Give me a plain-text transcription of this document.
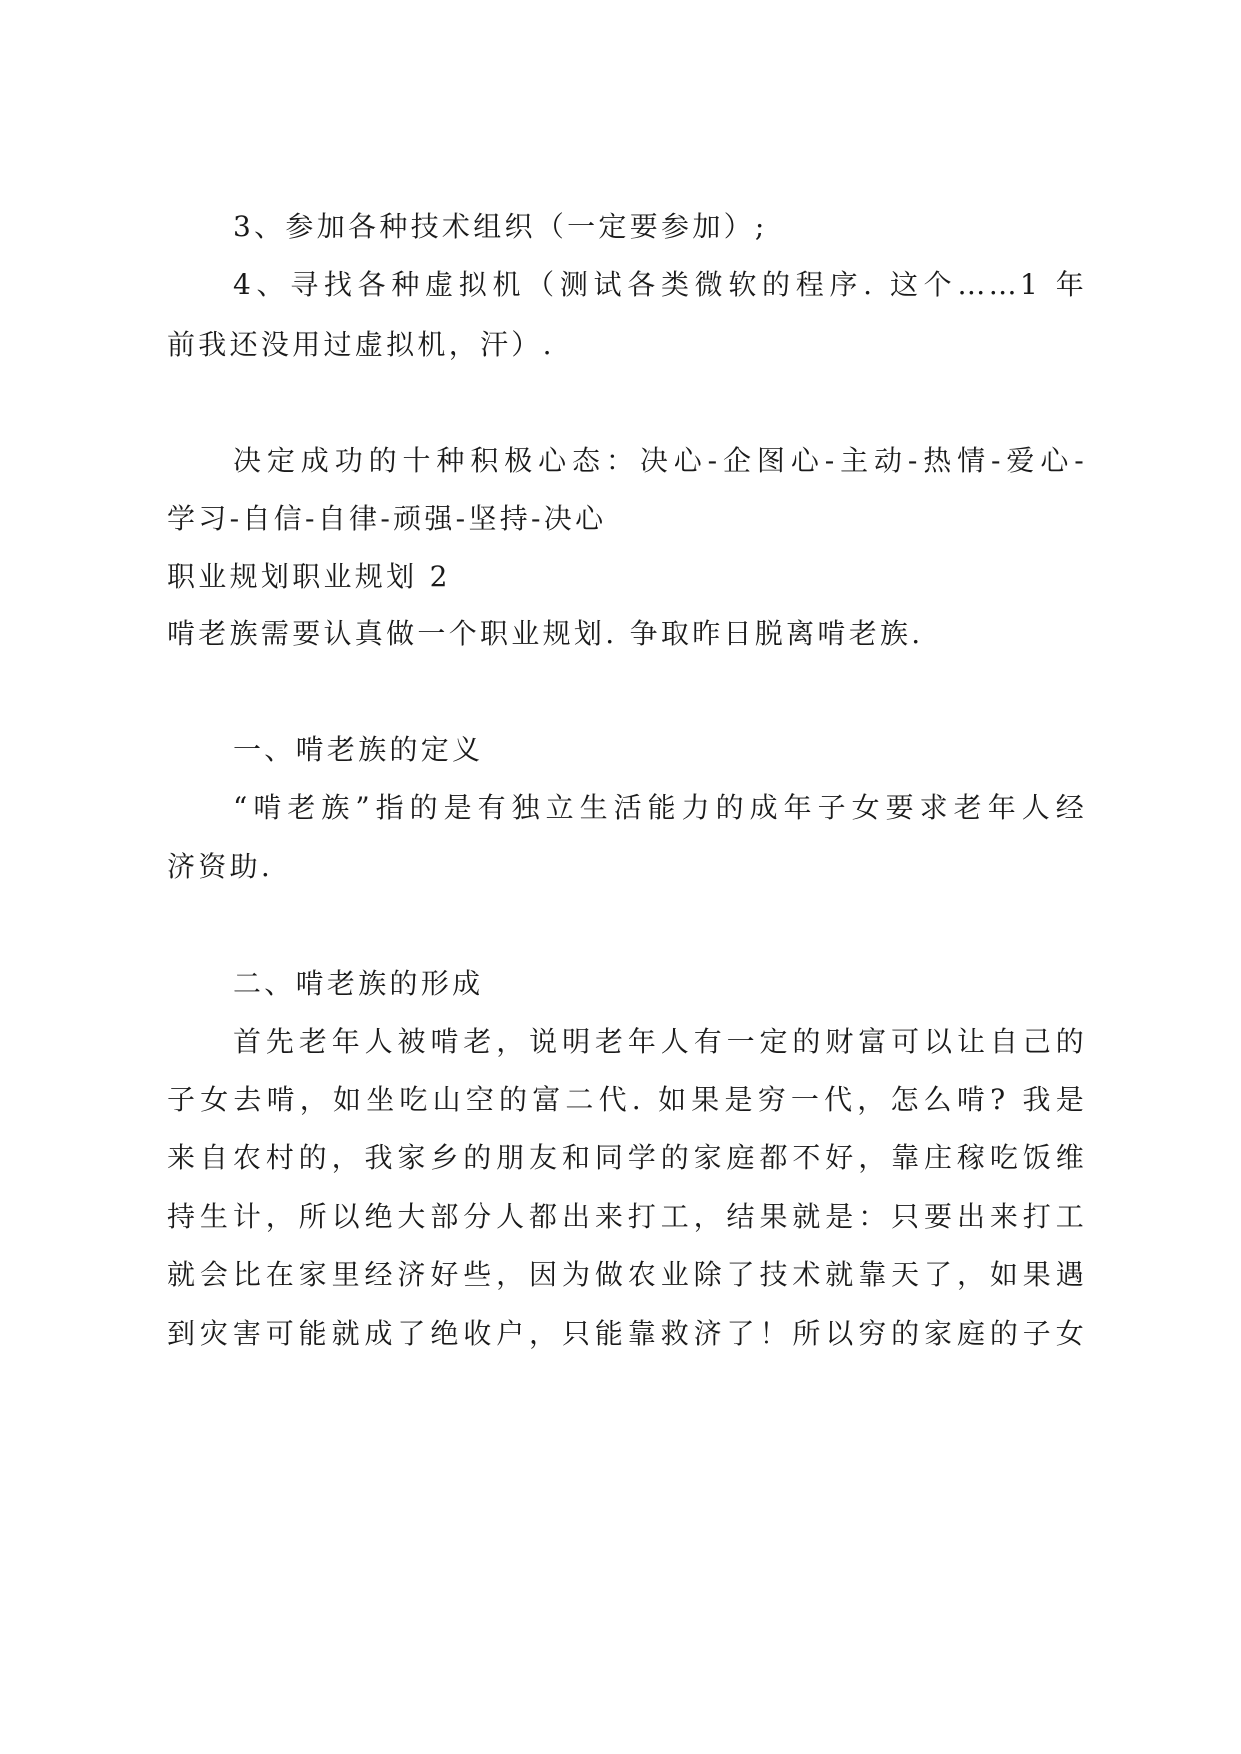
3、参加各种技术组织（一定要参加）;
4、寻找各种虚拟机（测试各类微软的程序. 这个……1 年
前我还没用过虚拟机，汗）.
决定成功的十种积极心态：决心-企图心-主动-热情-爱心-
学习-自信-自律-顽强-坚持-决心
职业规划职业规划 2
啃老族需要认真做一个职业规划. 争取昨日脱离啃老族.
一、啃老族的定义
“啃老族”指的是有独立生活能力的成年子女要求老年人经
济资助.
二、啃老族的形成
首先老年人被啃老，说明老年人有一定的财富可以让自己的
子女去啃，如坐吃山空的富二代. 如果是穷一代，怎么啃? 我是
来自农村的，我家乡的朋友和同学的家庭都不好，靠庄稼吃饭维
持生计，所以绝大部分人都出来打工，结果就是：只要出来打工
就会比在家里经济好些，因为做农业除了技术就靠天了，如果遇
到灾害可能就成了绝收户，只能靠救济了！所以穷的家庭的子女
